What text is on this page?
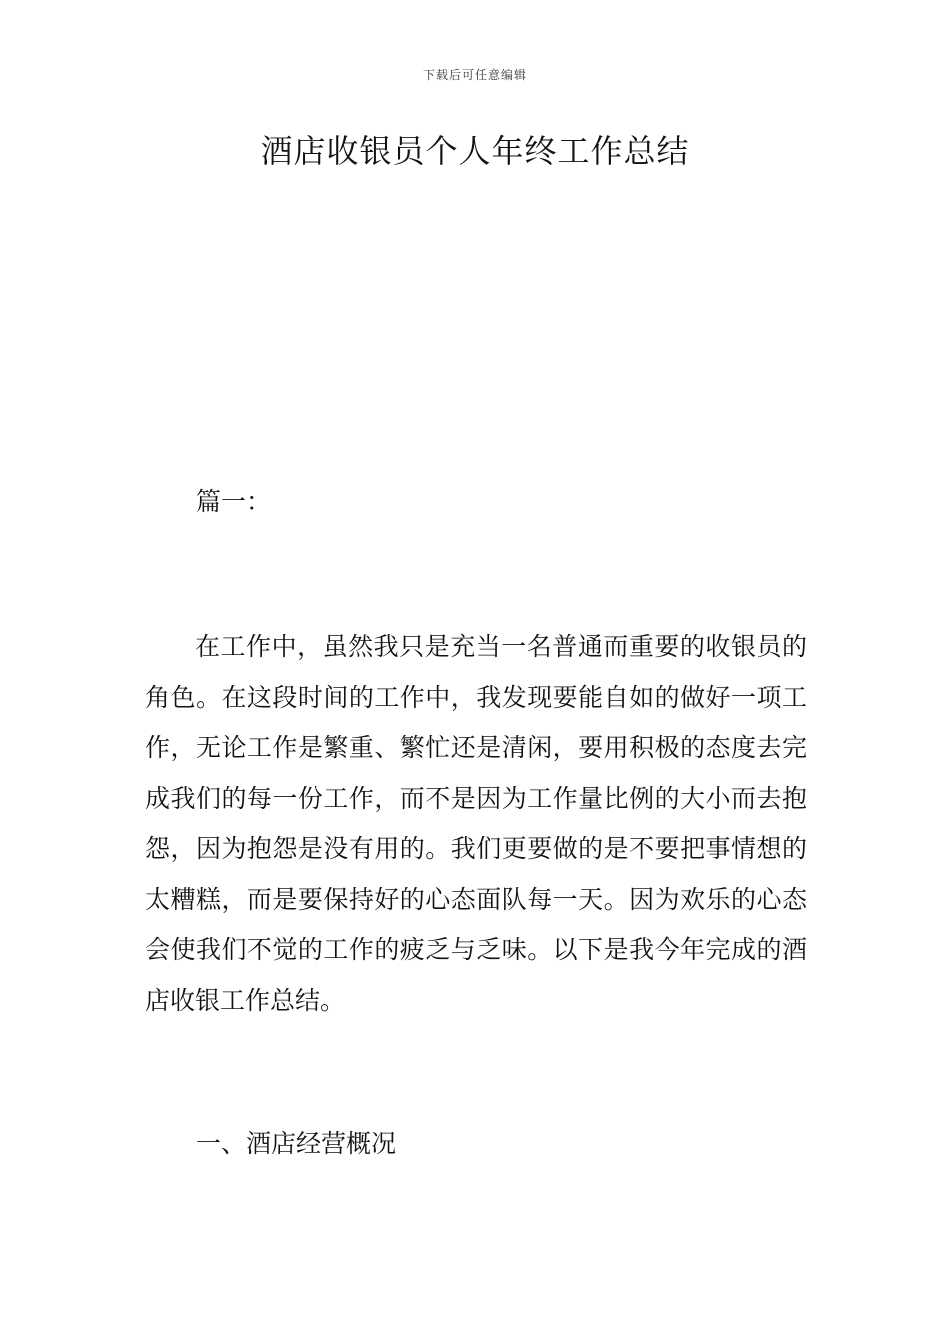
下载后可任意编辑
酒店收银员个人年终工作总结

篇一：

在工作中，虽然我只是充当一名普通而重要的收银员的角色。在这段时间的工作中，我发现要能自如的做好一项工作，无论工作是繁重、繁忙还是清闲，要用积极的态度去完成我们的每一份工作，而不是因为工作量比例的大小而去抱怨，因为抱怨是没有用的。我们更要做的是不要把事情想的太糟糕，而是要保持好的心态面队每一天。因为欢乐的心态会使我们不觉的工作的疲乏与乏味。以下是我今年完成的酒店收银工作总结。

一、酒店经营概况
